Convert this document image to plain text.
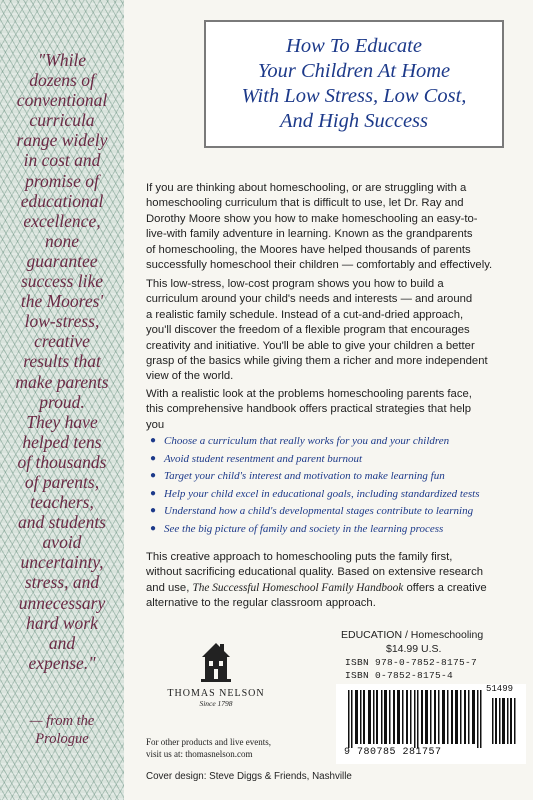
"While
dozens of
conventional
curricula
range widely
in cost and
promise of
educational
excellence,
none
guarantee
success like
the Moores'
low-stress,
creative
results that
make parents
proud.
They have
helped tens
of thousands
of parents,
teachers,
and students
avoid
uncertainty,
stress, and
unnecessary
hard work
and
expense."
— from the
Prologue
How To Educate
Your Children At Home
With Low Stress, Low Cost,
And High Success
If you are thinking about homeschooling, or are struggling with a
homeschooling curriculum that is difficult to use, let Dr. Ray and
Dorothy Moore show you how to make homeschooling an easy-to-
live-with family adventure in learning. Known as the grandparents
of homeschooling, the Moores have helped thousands of parents
successfully homeschool their children — comfortably and effectively.
This low-stress, low-cost program shows you how to build a
curriculum around your child's needs and interests — and around
a realistic family schedule. Instead of a cut-and-dried approach,
you'll discover the freedom of a flexible program that encourages
creativity and initiative. You'll be able to give your children a better
grasp of the basics while giving them a richer and more independent
view of the world.
With a realistic look at the problems homeschooling parents face,
this comprehensive handbook offers practical strategies that help
you
● Choose a curriculum that really works for you and your children
● Avoid student resentment and parent burnout
● Target your child's interest and motivation to make learning fun
● Help your child excel in educational goals, including standardized tests
● Understand how a child's developmental stages contribute to learning
● See the big picture of family and society in the learning process
This creative approach to homeschooling puts the family first,
without sacrificing educational quality. Based on extensive research
and use, The Successful Homeschool Family Handbook offers a creative
alternative to the regular classroom approach.
THOMAS NELSON
Since 1798
For other products and live events,
visit us at: thomasnelson.com
EDUCATION / Homeschooling
$14.99 U.S.
ISBN 978-0-7852-8175-7
ISBN 0-7852-8175-4
51499
9 780785 281757
Cover design: Steve Diggs & Friends, Nashville
